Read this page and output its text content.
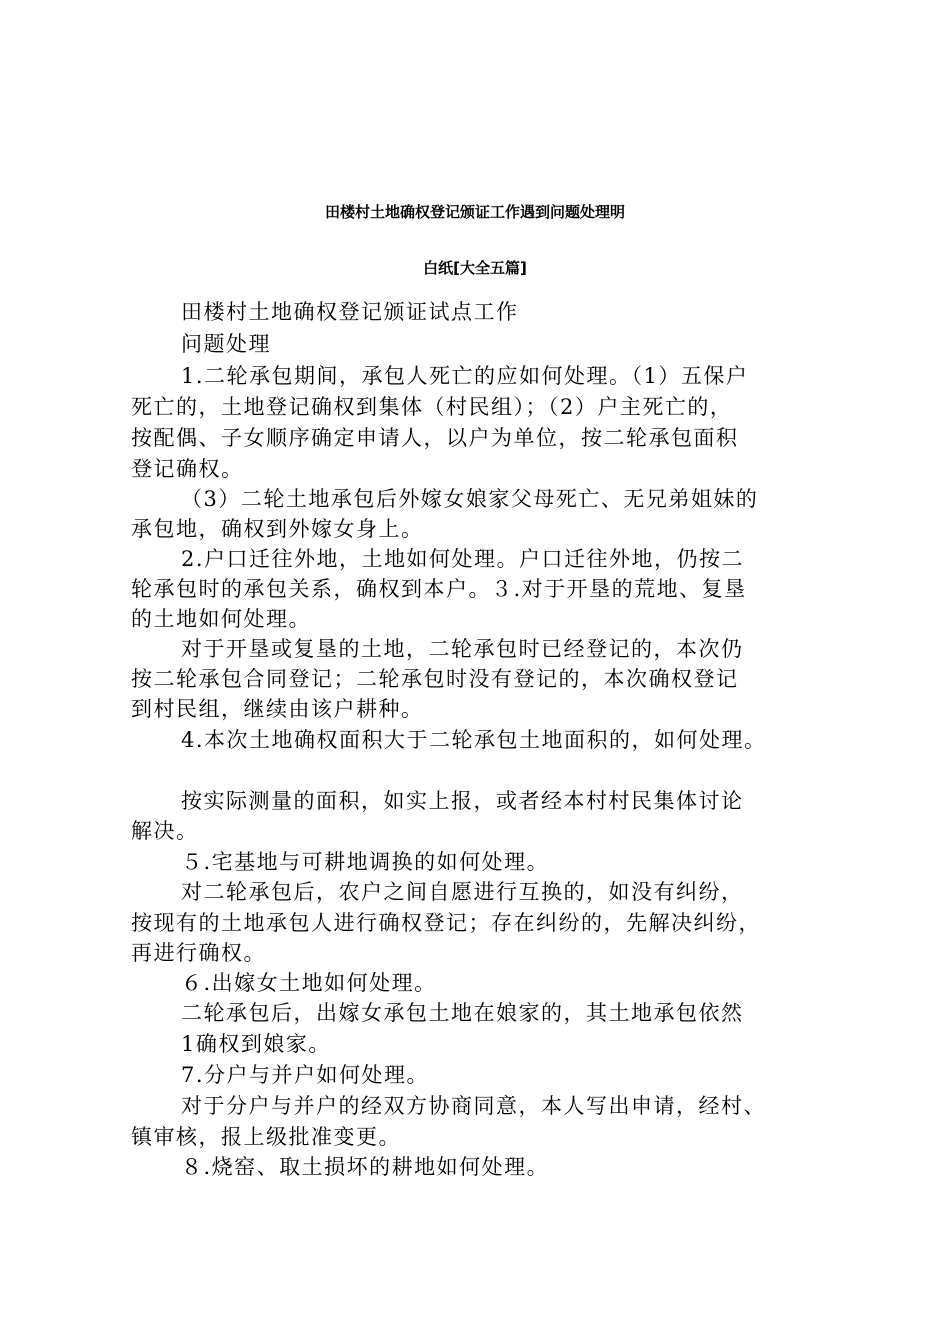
田楼村土地确权登记颁证工作遇到问题处理明
白纸[大全五篇]
田楼村土地确权登记颁证试点工作
问题处理
1.二轮承包期间，承包人死亡的应如何处理。（1）五保户
死亡的，土地登记确权到集体（村民组）；（2）户主死亡的，
按配偶、子女顺序确定申请人，以户为单位，按二轮承包面积
登记确权。
（3）二轮土地承包后外嫁女娘家父母死亡、无兄弟姐妹的
承包地，确权到外嫁女身上。
2.户口迁往外地，土地如何处理。户口迁往外地，仍按二
轮承包时的承包关系，确权到本户。３.对于开垦的荒地、复垦
的土地如何处理。
对于开垦或复垦的土地，二轮承包时已经登记的，本次仍
按二轮承包合同登记；二轮承包时没有登记的，本次确权登记
到村民组，继续由该户耕种。
4.本次土地确权面积大于二轮承包土地面积的，如何处理。
按实际测量的面积，如实上报，或者经本村村民集体讨论
解决。
５.宅基地与可耕地调换的如何处理。
对二轮承包后，农户之间自愿进行互换的，如没有纠纷，
按现有的土地承包人进行确权登记；存在纠纷的，先解决纠纷，
再进行确权。
６.出嫁女土地如何处理。
二轮承包后，出嫁女承包土地在娘家的，其土地承包依然
1确权到娘家。
7.分户与并户如何处理。
对于分户与并户的经双方协商同意，本人写出申请，经村、
镇审核，报上级批准变更。
８.烧窑、取土损坏的耕地如何处理。
